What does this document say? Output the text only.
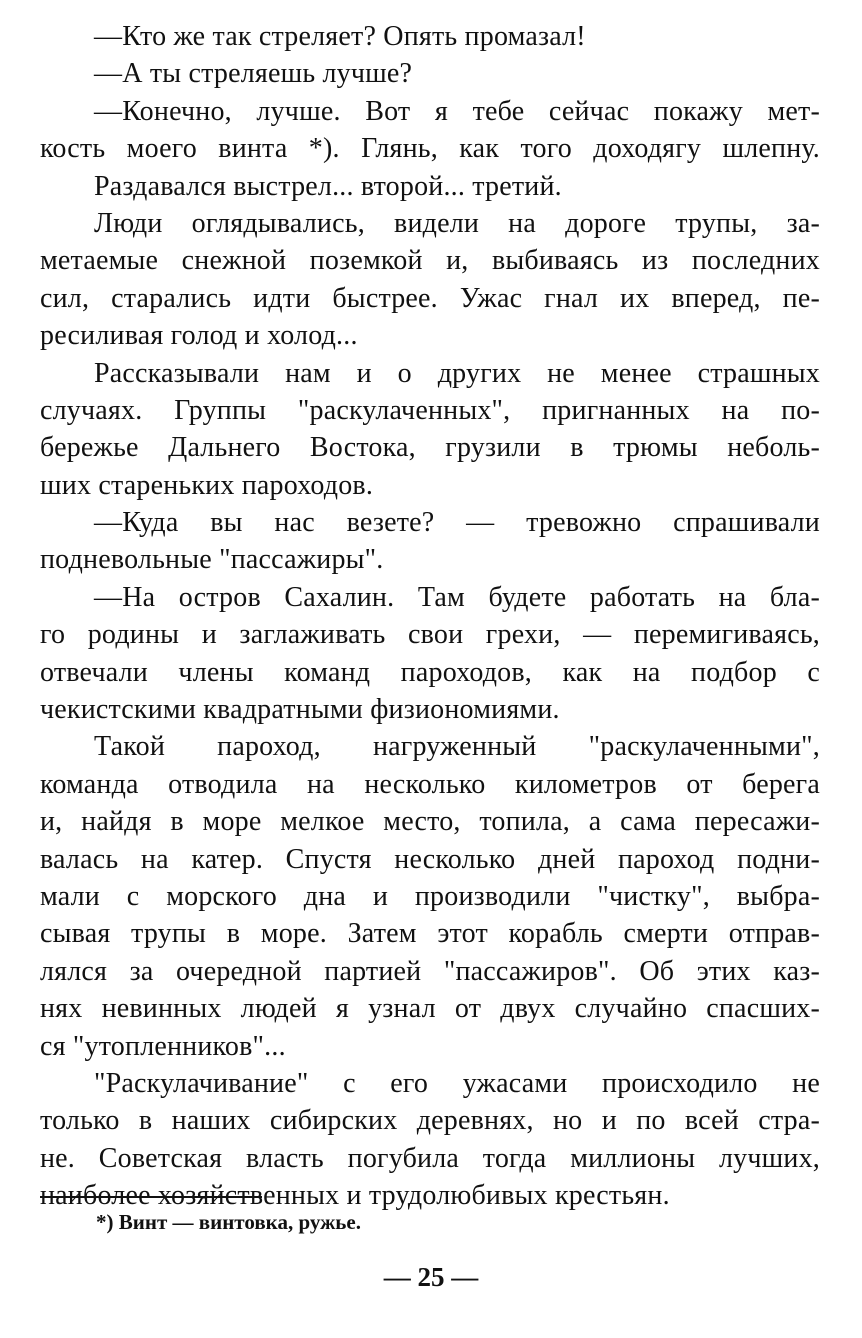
—Кто же так стреляет? Опять промазал!
—А ты стреляешь лучше?
—Конечно, лучше. Вот я тебе сейчас покажу мет-
кость моего винта *). Глянь, как того доходягу шлепну.
Раздавался выстрел... второй... третий.
Люди оглядывались, видели на дороге трупы, за-
метаемые снежной поземкой и, выбиваясь из последних
сил, старались идти быстрее. Ужас гнал их вперед, пе-
ресиливая голод и холод...
Рассказывали нам и о других не менее страшных
случаях. Группы "раскулаченных", пригнанных на по-
бережье Дальнего Востока, грузили в трюмы неболь-
ших стареньких пароходов.
—Куда вы нас везете? — тревожно спрашивали
подневольные "пассажиры".
—На остров Сахалин. Там будете работать на бла-
го родины и заглаживать свои грехи, — перемигиваясь,
отвечали члены команд пароходов, как на подбор с
чекистскими квадратными физиономиями.
Такой пароход, нагруженный "раскулаченными",
команда отводила на несколько километров от берега
и, найдя в море мелкое место, топила, а сама пересажи-
валась на катер. Спустя несколько дней пароход подни-
мали с морского дна и производили "чистку", выбра-
сывая трупы в море. Затем этот корабль смерти отправ-
лялся за очередной партией "пассажиров". Об этих каз-
нях невинных людей я узнал от двух случайно спасших-
ся "утопленников"...
"Раскулачивание" с его ужасами происходило не
только в наших сибирских деревнях, но и по всей стра-
не. Советская власть погубила тогда миллионы лучших,
наиболее хозяйственных и трудолюбивых крестьян.
*) Винт — винтовка, ружье.
— 25 —
